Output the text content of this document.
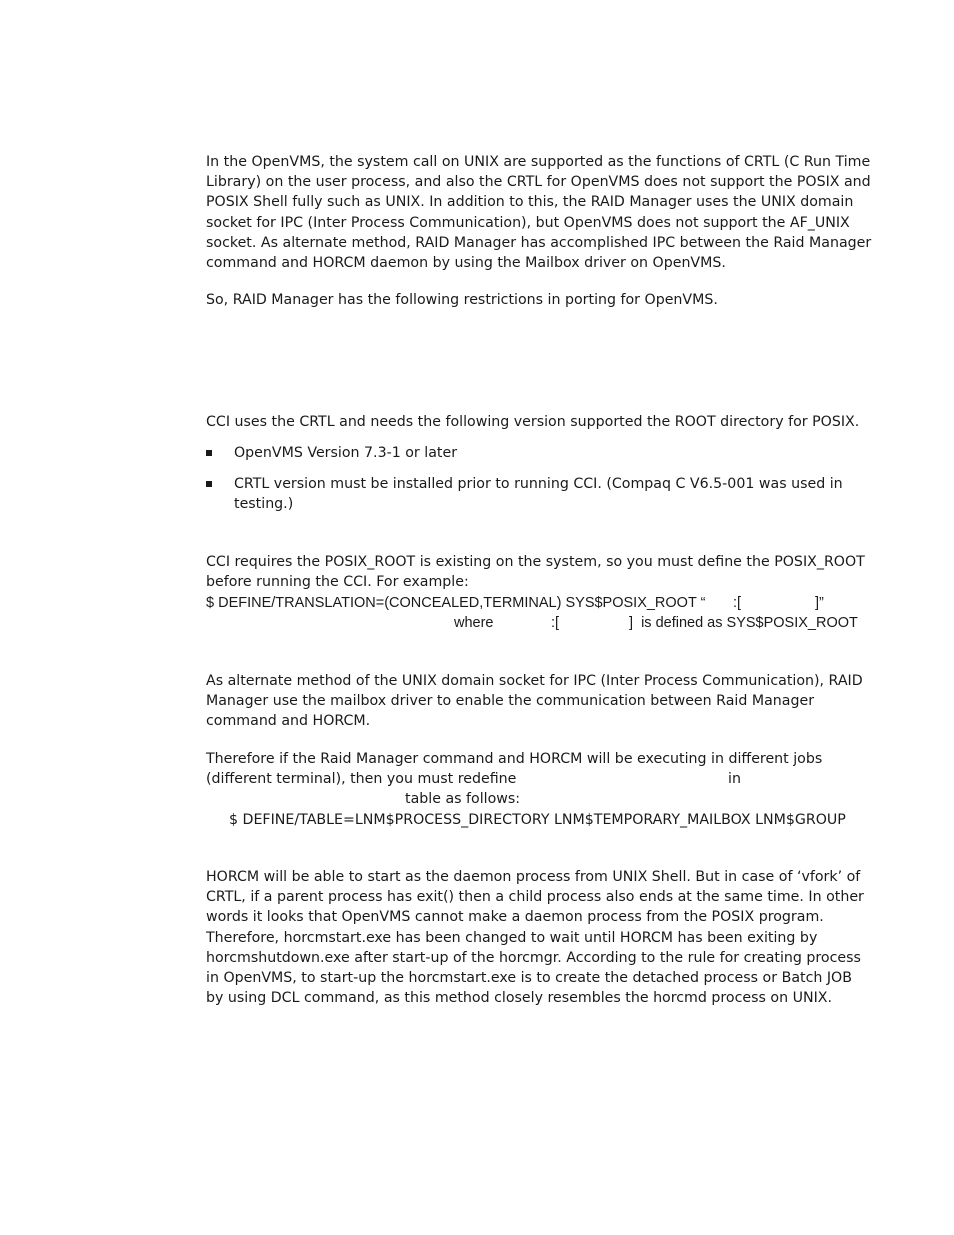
In the OpenVMS, the system call on UNIX are supported as the functions of CRTL (C Run Time
Library) on the user process, and also the CRTL for OpenVMS does not support the POSIX and
POSIX Shell fully such as UNIX. In addition to this, the RAID Manager uses the UNIX domain
socket for IPC (Inter Process Communication), but OpenVMS does not support the AF_UNIX
socket. As alternate method, RAID Manager has accomplished IPC between the Raid Manager
command and HORCM daemon by using the Mailbox driver on OpenVMS.
So, RAID Manager has the following restrictions in porting for OpenVMS.
CCI uses the CRTL and needs the following version supported the ROOT directory for POSIX.
OpenVMS Version 7.3-1 or later
CRTL version must be installed prior to running CCI. (Compaq C V6.5-001 was used in
testing.)
CCI requires the POSIX_ROOT is existing on the system, so you must define the POSIX_ROOT
before running the CCI. For example:
$ DEFINE/TRANSLATION=(CONCEALED,TERMINAL) SYS$POSIX_ROOT “ :[	]”
where	:[	]  is defined as SYS$POSIX_ROOT
As alternate method of the UNIX domain socket for IPC (Inter Process Communication), RAID
Manager use the mailbox driver to enable the communication between Raid Manager
command and HORCM.
Therefore if the Raid Manager command and HORCM will be executing in different jobs
(different terminal), then you must redefine	in
table as follows:
$ DEFINE/TABLE=LNM$PROCESS_DIRECTORY LNM$TEMPORARY_MAILBOX LNM$GROUP
HORCM will be able to start as the daemon process from UNIX Shell. But in case of ‘vfork’ of
CRTL, if a parent process has exit() then a child process also ends at the same time. In other
words it looks that OpenVMS cannot make a daemon process from the POSIX program.
Therefore, horcmstart.exe has been changed to wait until HORCM has been exiting by
horcmshutdown.exe after start-up of the horcmgr. According to the rule for creating process
in OpenVMS, to start-up the horcmstart.exe is to create the detached process or Batch JOB
by using DCL command, as this method closely resembles the horcmd process on UNIX.
